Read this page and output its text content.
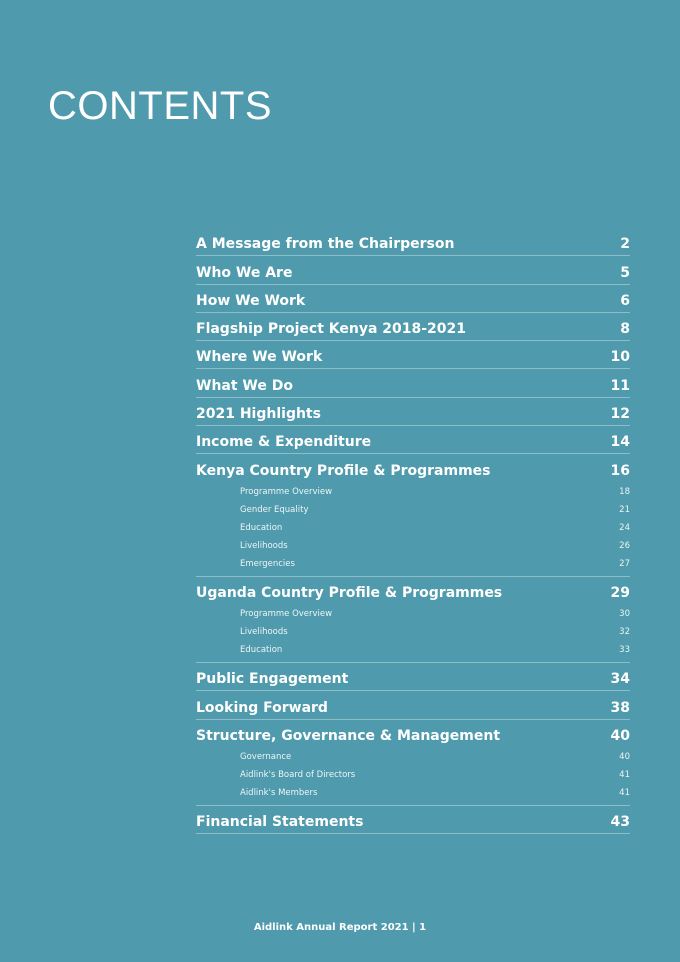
CONTENTS
A Message from the Chairperson	2
Who We Are	5
How We Work	6
Flagship Project Kenya 2018-2021	8
Where We Work	10
What We Do	11
2021 Highlights	12
Income & Expenditure	14
Kenya Country Profile & Programmes	16
Programme Overview	18
Gender Equality	21
Education	24
Livelihoods	26
Emergencies	27
Uganda Country Profile & Programmes	29
Programme Overview	30
Livelihoods	32
Education	33
Public Engagement	34
Looking Forward	38
Structure, Governance & Management	40
Governance	40
Aidlink's Board of Directors	41
Aidlink's Members	41
Financial Statements	43
Aidlink Annual Report 2021 | 1
